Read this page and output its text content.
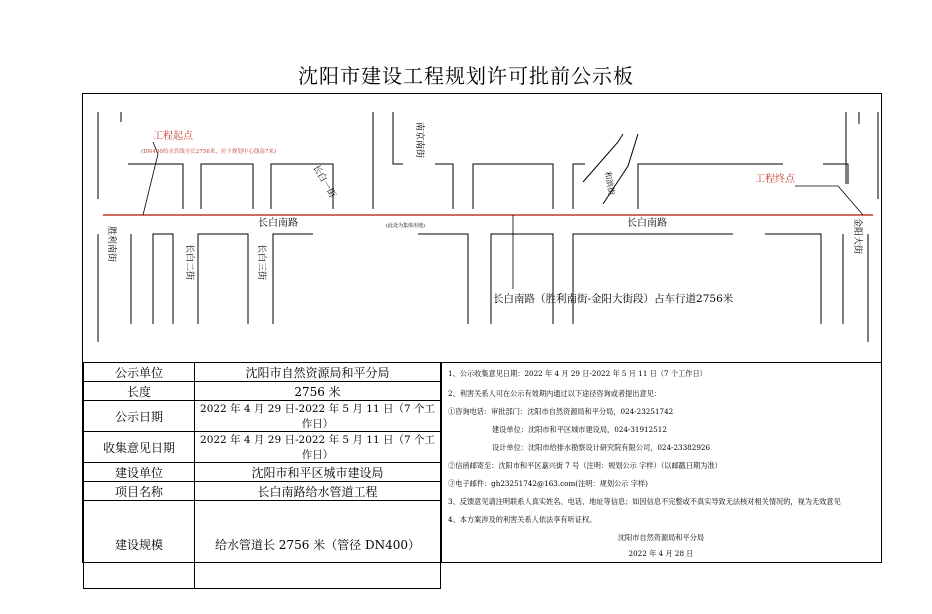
沈阳市建设工程规划许可批前公示板
工程起点
(DN400给水管线全长2756米，位于规划中心线南7米)
工程终点
长白南路	长白南路
(此处为集体用地)
长白南路（胜利南街-金阳大街段）占车行道2756米
胜利南街
南京南街
长白一街
长白二街	长白三街
和滨街
金阳大街
公示单位	沈阳市自然资源局和平分局
长度	2756 米
公示日期	2022 年 4 月 29 日-2022 年 5 月 11 日（7 个工作日）
收集意见日期	2022 年 4 月 29 日-2022 年 5 月 11 日（7 个工作日）
建设单位	沈阳市和平区城市建设局
项目名称	长白南路给水管道工程
建设规模	给水管道长 2756 米（管径 DN400）
1、公示收集意见日期：2022 年 4 月 29 日-2022 年 5 月 11 日（7 个工作日）
2、利害关系人可在公示有效期内通过以下途径咨询或者提出意见：
①咨询电话：审批部门：沈阳市自然资源局和平分局，024-23251742
建设单位：沈阳市和平区城市建设局，024-31912512
设计单位：沈阳市给排水勘察设计研究院有限公司，024-23382926
②信函邮寄至：沈阳市和平区嘉兴街 7 号（注明：规划公示 字样）（以邮戳日期为准）
③电子邮件：gh23251742@163.com(注明：规划公示 字样)
3、反馈意见请注明联系人真实姓名、电话、地址等信息；如因信息不完整或不真实导致无法核对相关情况的，视为无效意见
4、本方案涉及的利害关系人依法享有听证权。
沈阳市自然资源局和平分局
2022 年 4 月 28 日
